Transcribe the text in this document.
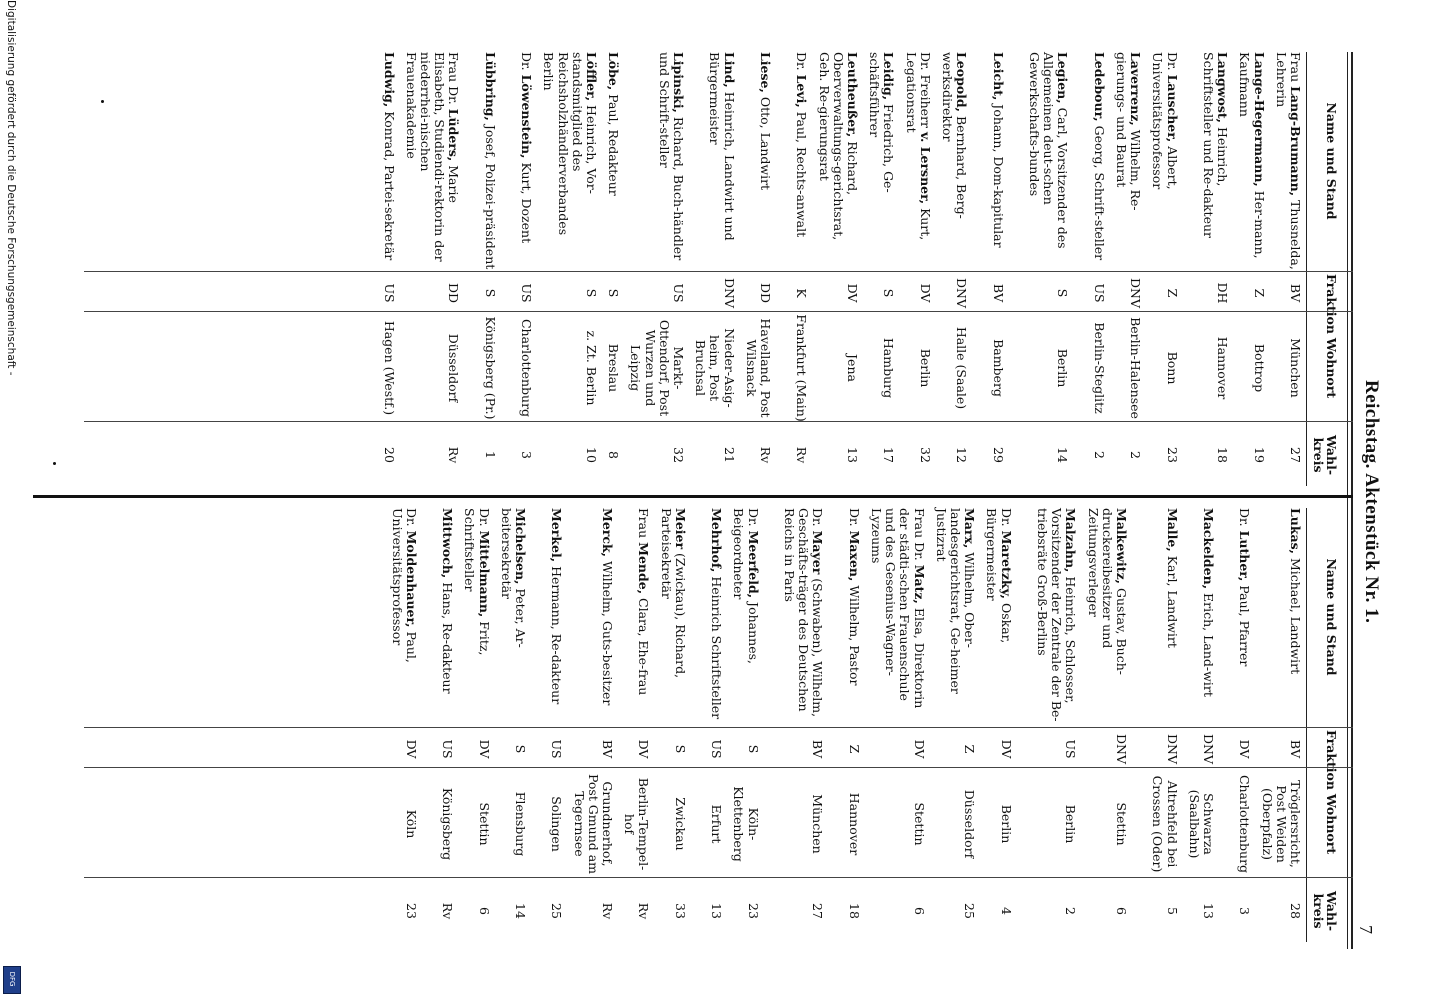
Digitalisierung gefördert durch die Deutsche Forschungsgemeinschaft -
DFG
Reichstag. Aktenstück Nr. 1.
7
Name und Stand
Fraktion
Wohnort
Wahl-
kreis
Frau Lang-Brumann, Thusnelda, Lehrerin
BV
München
27
Lange-Hegermann, Her-mann, Kaufmann
Z
Bottrop
19
Langwost, Heinrich, Schriftsteller und Re-dakteur
DH
Hannover
18
Dr. Lauscher, Albert, Universitätsprofessor
Z
Bonn
23
Laverrenz, Wilhelm, Re-gierungs- und Baurat
DNV
Berlin-Halensee
2
Ledebour, Georg, Schrift-steller
US
Berlin-Steglitz
2
Legien, Carl, Vorsitzender des Allgemeinen deut-schen Gewerkschafts-bundes
S
Berlin
14
Leicht, Johann, Dom-kapitular
BV
Bamberg
29
Leopold, Bernhard, Berg-werksdirektor
DNV
Halle (Saale)
12
Dr. Freiherr v. Lersner, Kurt, Legationsrat
DV
Berlin
32
Leidig, Friedrich, Ge-schäftsführer
S
Hamburg
17
Leutheußer, Richard, Oberverwaltungs-gerichtsrat, Geh. Re-gierungsrat
DV
Jena
13
Dr. Levi, Paul, Rechts-anwalt
K
Frankfurt (Main)
Rv
Liese, Otto, Landwirt
DD
Havelland, Post Wilsnack
Rv
Lind, Heinrich, Landwirt und Bürgermeister
DNV
Nieder-Asig-heim, Post Bruchsal
21
Lipinski, Richard, Buch-händler und Schrift-steller
US
Markt-Ottendorf, Post Wurzen und Leipzig
32
Löbe, Paul, Redakteur
S
Breslau
8
Löffler, Heinrich, Vor-standsmitglied des Reichsholzhändlerverbandes Berlin
S
z. Zt. Berlin
10
Dr. Löwenstein, Kurt, Dozent
US
Charlottenburg
3
Lübbring, Josef, Polizei-präsident
S
Königsberg (Pr.)
1
Frau Dr. Lüders, Marie Elisabeth, Studiendi-rektorin der niederrhei-nischen Frauenakademie
DD
Düsseldorf
Rv
Ludwig, Konrad, Partei-sekretär
US
Hagen (Westf.)
20
Name und Stand
Fraktion
Wohnort
Wahl-
kreis
Lukas, Michael, Landwirt
BV
Tröglersricht, Post Weiden (Oberpfalz)
28
Dr. Luther, Paul, Pfarrer
DV
Charlottenburg
3
Mackelden, Erich, Land-wirt
DNV
Schwarza (Saalbahn)
13
Malle, Karl, Landwirt
DNV
Altrehfeld bei Crossen (Oder)
5
Malkewitz, Gustav, Buch-druckereibesitzer und Zeitungsverleger
DNV
Stettin
6
Malzahn, Heinrich, Schlosser, Vorsitzender der Zentrale der Be-triebsräte Groß-Berlins
US
Berlin
2
Dr. Maretzky, Oskar, Bürgermeister
DV
Berlin
4
Marx, Wilhelm, Ober-landesgerichtsrat, Ge-heimer Justizrat
Z
Düsseldorf
25
Frau Dr. Matz, Elsa, Direktorin der städti-schen Frauenschule und des Gesenius-Wagner-Lyzeums
DV
Stettin
6
Dr. Maxen, Wilhelm, Pastor
Z
Hannover
18
Dr. Mayer (Schwaben), Wilhelm, Geschäfts-träger des Deutschen Reichs in Paris
BV
München
27
Dr. Meerfeld, Johannes, Beigeordneter
S
Köln-Klettenberg
23
Mehrhof, Heinrich Schriftsteller
US
Erfurt
13
Meier (Zwickau), Richard, Parteisekretär
S
Zwickau
33
Frau Mende, Clara, Ehe-frau
DV
Berlin-Tempel-hof
Rv
Merck, Wilhelm, Guts-besitzer
BV
Grundnerhof, Post Gmund am Tegernsee
Rv
Merkel, Hermann, Re-dakteur
US
Solingen
25
Michelsen, Peter, Ar-beitersekretär
S
Flensburg
14
Dr. Mittelmann, Fritz, Schriftsteller
DV
Stettin
6
Mittwoch, Hans, Re-dakteur
US
Königsberg
Rv
Dr. Moldenhauer, Paul, Universitätsprofessor
DV
Köln
23
